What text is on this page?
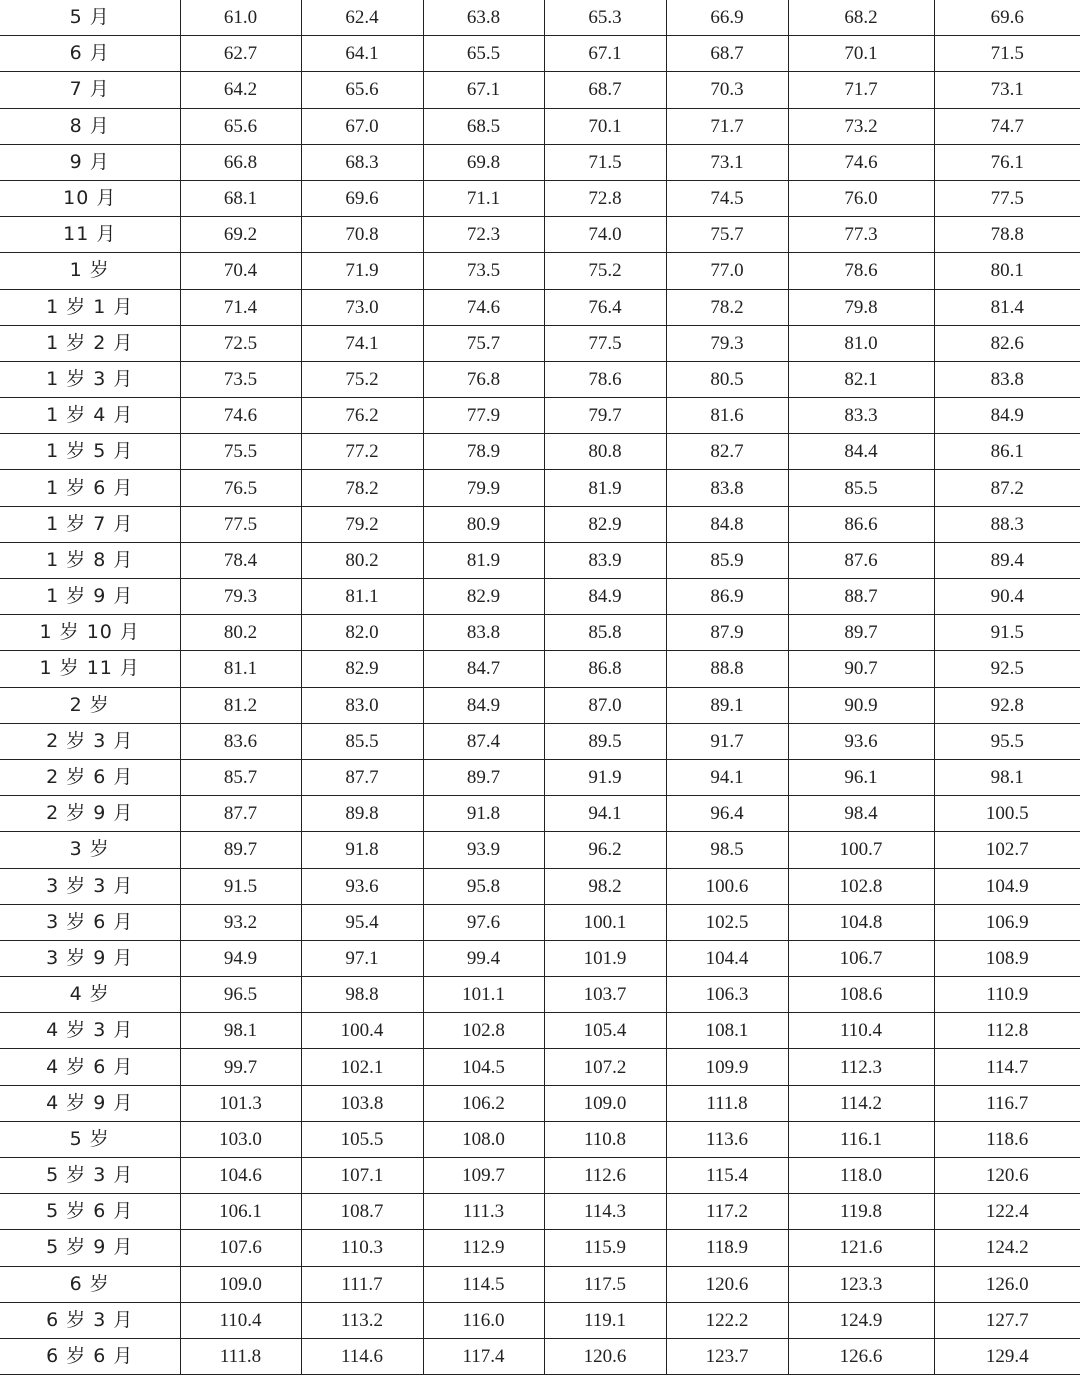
5 月	61.0	62.4	63.8	65.3	66.9	68.2	69.6
6 月	62.7	64.1	65.5	67.1	68.7	70.1	71.5
7 月	64.2	65.6	67.1	68.7	70.3	71.7	73.1
8 月	65.6	67.0	68.5	70.1	71.7	73.2	74.7
9 月	66.8	68.3	69.8	71.5	73.1	74.6	76.1
10 月	68.1	69.6	71.1	72.8	74.5	76.0	77.5
11 月	69.2	70.8	72.3	74.0	75.7	77.3	78.8
1 岁	70.4	71.9	73.5	75.2	77.0	78.6	80.1
1 岁 1 月	71.4	73.0	74.6	76.4	78.2	79.8	81.4
1 岁 2 月	72.5	74.1	75.7	77.5	79.3	81.0	82.6
1 岁 3 月	73.5	75.2	76.8	78.6	80.5	82.1	83.8
1 岁 4 月	74.6	76.2	77.9	79.7	81.6	83.3	84.9
1 岁 5 月	75.5	77.2	78.9	80.8	82.7	84.4	86.1
1 岁 6 月	76.5	78.2	79.9	81.9	83.8	85.5	87.2
1 岁 7 月	77.5	79.2	80.9	82.9	84.8	86.6	88.3
1 岁 8 月	78.4	80.2	81.9	83.9	85.9	87.6	89.4
1 岁 9 月	79.3	81.1	82.9	84.9	86.9	88.7	90.4
1 岁 10 月	80.2	82.0	83.8	85.8	87.9	89.7	91.5
1 岁 11 月	81.1	82.9	84.7	86.8	88.8	90.7	92.5
2 岁	81.2	83.0	84.9	87.0	89.1	90.9	92.8
2 岁 3 月	83.6	85.5	87.4	89.5	91.7	93.6	95.5
2 岁 6 月	85.7	87.7	89.7	91.9	94.1	96.1	98.1
2 岁 9 月	87.7	89.8	91.8	94.1	96.4	98.4	100.5
3 岁	89.7	91.8	93.9	96.2	98.5	100.7	102.7
3 岁 3 月	91.5	93.6	95.8	98.2	100.6	102.8	104.9
3 岁 6 月	93.2	95.4	97.6	100.1	102.5	104.8	106.9
3 岁 9 月	94.9	97.1	99.4	101.9	104.4	106.7	108.9
4 岁	96.5	98.8	101.1	103.7	106.3	108.6	110.9
4 岁 3 月	98.1	100.4	102.8	105.4	108.1	110.4	112.8
4 岁 6 月	99.7	102.1	104.5	107.2	109.9	112.3	114.7
4 岁 9 月	101.3	103.8	106.2	109.0	111.8	114.2	116.7
5 岁	103.0	105.5	108.0	110.8	113.6	116.1	118.6
5 岁 3 月	104.6	107.1	109.7	112.6	115.4	118.0	120.6
5 岁 6 月	106.1	108.7	111.3	114.3	117.2	119.8	122.4
5 岁 9 月	107.6	110.3	112.9	115.9	118.9	121.6	124.2
6 岁	109.0	111.7	114.5	117.5	120.6	123.3	126.0
6 岁 3 月	110.4	113.2	116.0	119.1	122.2	124.9	127.7
6 岁 6 月	111.8	114.6	117.4	120.6	123.7	126.6	129.4
